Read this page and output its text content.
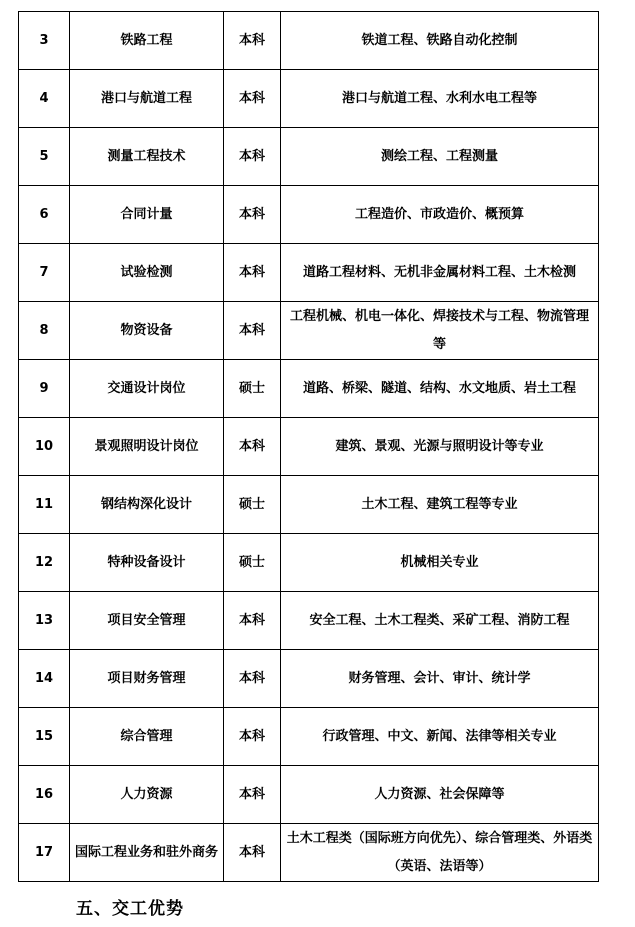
3	铁路工程	本科	铁道工程、铁路自动化控制
4	港口与航道工程	本科	港口与航道工程、水利水电工程等
5	测量工程技术	本科	测绘工程、工程测量
6	合同计量	本科	工程造价、市政造价、概预算
7	试验检测	本科	道路工程材料、无机非金属材料工程、土木检测
8	物资设备	本科	工程机械、机电一体化、焊接技术与工程、物流管理等
9	交通设计岗位	硕士	道路、桥梁、隧道、结构、水文地质、岩土工程
10	景观照明设计岗位	本科	建筑、景观、光源与照明设计等专业
11	钢结构深化设计	硕士	土木工程、建筑工程等专业
12	特种设备设计	硕士	机械相关专业
13	项目安全管理	本科	安全工程、土木工程类、采矿工程、消防工程
14	项目财务管理	本科	财务管理、会计、审计、统计学
15	综合管理	本科	行政管理、中文、新闻、法律等相关专业
16	人力资源	本科	人力资源、社会保障等
17	国际工程业务和驻外商务	本科	土木工程类（国际班方向优先）、综合管理类、外语类（英语、法语等）
五、交工优势
